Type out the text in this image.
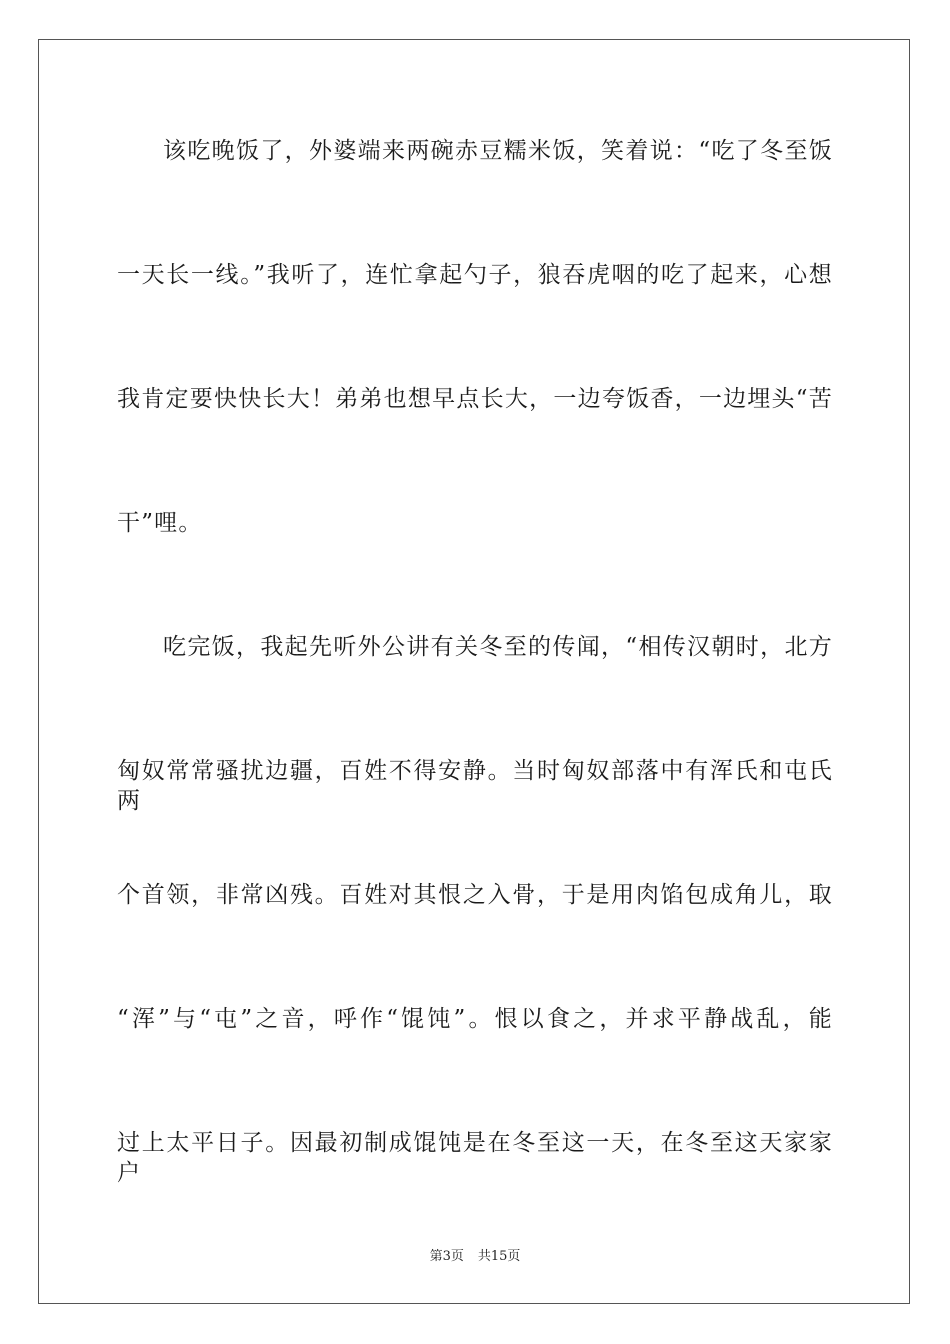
该吃晚饭了，外婆端来两碗赤豆糯米饭，笑着说：“吃了冬至饭
一天长一线。”我听了，连忙拿起勺子，狼吞虎咽的吃了起来，心想
我肯定要快快长大！弟弟也想早点长大，一边夸饭香，一边埋头“苦
干”哩。
吃完饭，我起先听外公讲有关冬至的传闻，“相传汉朝时，北方
匈奴常常骚扰边疆，百姓不得安静。当时匈奴部落中有浑氏和屯氏两
个首领，非常凶残。百姓对其恨之入骨，于是用肉馅包成角儿，取
“浑”与“屯”之音，呼作“馄饨”。恨以食之，并求平静战乱，能
过上太平日子。因最初制成馄饨是在冬至这一天，在冬至这天家家户
第3页 共15页
